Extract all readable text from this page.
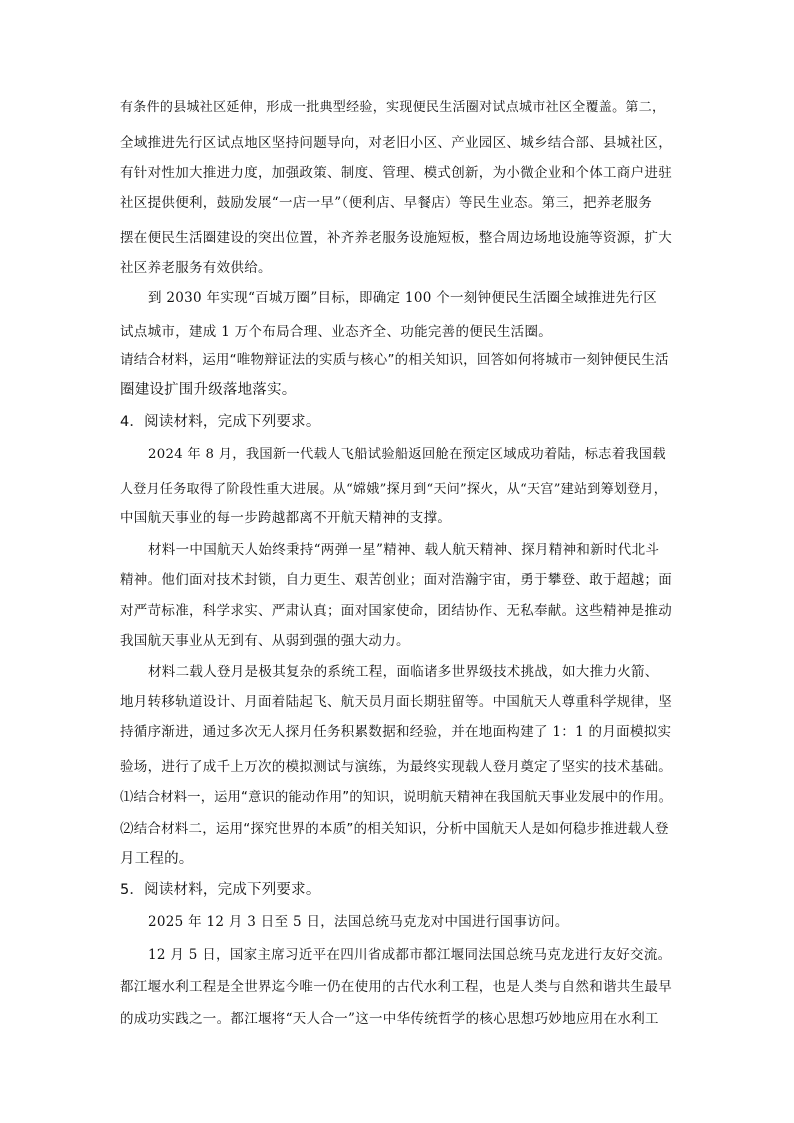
有条件的县城社区延伸，形成一批典型经验，实现便民生活圈对试点城市社区全覆盖。第二，
全域推进先行区试点地区坚持问题导向，对老旧小区、产业园区、城乡结合部、县城社区，
有针对性加大推进力度，加强政策、制度、管理、模式创新，为小微企业和个体工商户进驻
社区提供便利，鼓励发展“一店一早”（便利店、早餐店）等民生业态。第三，把养老服务
摆在便民生活圈建设的突出位置，补齐养老服务设施短板，整合周边场地设施等资源，扩大
社区养老服务有效供给。
到 2030 年实现“百城万圈”目标，即确定 100 个一刻钟便民生活圈全域推进先行区
试点城市，建成 1 万个布局合理、业态齐全、功能完善的便民生活圈。
请结合材料，运用“唯物辩证法的实质与核心”的相关知识，回答如何将城市一刻钟便民生活
圈建设扩围升级落地落实。
4．阅读材料，完成下列要求。
2024 年 8 月，我国新一代载人飞船试验船返回舱在预定区域成功着陆，标志着我国载
人登月任务取得了阶段性重大进展。从“嫦娥”探月到“天问”探火，从“天宫”建站到筹划登月，
中国航天事业的每一步跨越都离不开航天精神的支撑。
材料一中国航天人始终秉持“两弹一星”精神、载人航天精神、探月精神和新时代北斗
精神。他们面对技术封锁，自力更生、艰苦创业；面对浩瀚宇宙，勇于攀登、敢于超越；面
对严苛标准，科学求实、严肃认真；面对国家使命，团结协作、无私奉献。这些精神是推动
我国航天事业从无到有、从弱到强的强大动力。
材料二载人登月是极其复杂的系统工程，面临诸多世界级技术挑战，如大推力火箭、
地月转移轨道设计、月面着陆起飞、航天员月面长期驻留等。中国航天人尊重科学规律，坚
持循序渐进，通过多次无人探月任务积累数据和经验，并在地面构建了 1：1 的月面模拟实
验场，进行了成千上万次的模拟测试与演练，为最终实现载人登月奠定了坚实的技术基础。
⑴结合材料一，运用“意识的能动作用”的知识，说明航天精神在我国航天事业发展中的作用。
⑵结合材料二，运用“探究世界的本质”的相关知识，分析中国航天人是如何稳步推进载人登
月工程的。
5．阅读材料，完成下列要求。
2025 年 12 月 3 日至 5 日，法国总统马克龙对中国进行国事访问。
12 月 5 日，国家主席习近平在四川省成都市都江堰同法国总统马克龙进行友好交流。
都江堰水利工程是全世界迄今唯一仍在使用的古代水利工程，也是人类与自然和谐共生最早
的成功实践之一。都江堰将“天人合一”这一中华传统哲学的核心思想巧妙地应用在水利工
